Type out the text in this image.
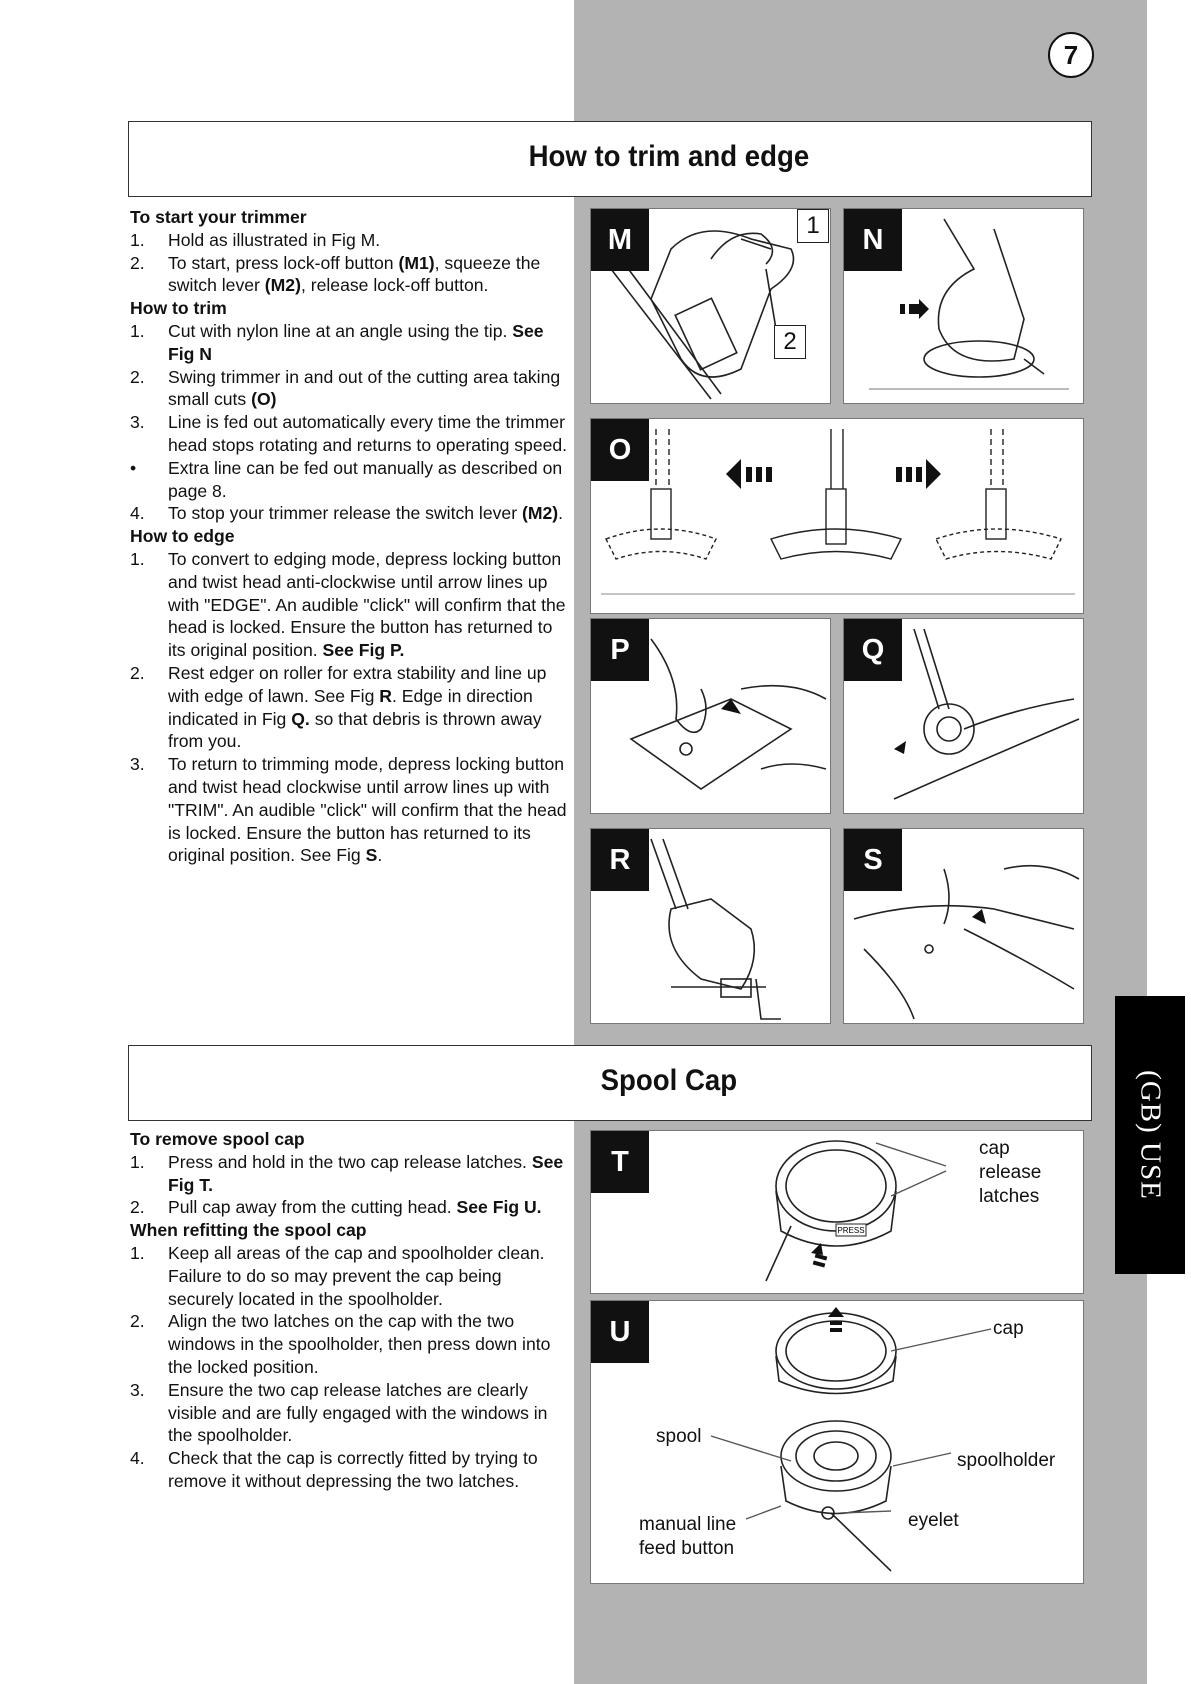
7
How to trim and edge
To start your trimmer
1. Hold as illustrated in Fig M.
2. To start, press lock-off button (M1), squeeze the switch lever (M2), release lock-off button.
How to trim
1. Cut with nylon line at an angle using the tip. See Fig N
2. Swing trimmer in and out of the cutting area taking small cuts (O)
3. Line is fed out automatically every time the trimmer head stops rotating and returns to operating speed.
• Extra line can be fed out manually as described on page 8.
4. To stop your trimmer release the switch lever (M2).
How to edge
1. To convert to edging mode, depress locking button and twist head anti-clockwise until arrow lines up with "EDGE". An audible "click" will confirm that the head is locked. Ensure the button has returned to its original position. See Fig P.
2. Rest edger on roller for extra stability and line up with edge of lawn. See Fig R. Edge in direction indicated in Fig Q. so that debris is thrown away from you.
3. To return to trimming mode, depress locking button and twist head clockwise until arrow lines up with "TRIM". An audible "click" will confirm that the head is locked. Ensure the button has returned to its original position. See Fig S.
M	1
2
N
O
P	Q
R	S
Spool Cap
To remove spool cap
1. Press and hold in the two cap release latches. See Fig T.
2. Pull cap away from the cutting head. See Fig U.
When refitting the spool cap
1. Keep all areas of the cap and spoolholder clean. Failure to do so may prevent the cap being securely located in the spoolholder.
2. Align the two latches on the cap with the two windows in the spoolholder, then press down into the locked position.
3. Ensure the two cap release latches are clearly visible and are fully engaged with the windows in the spoolholder.
4. Check that the cap is correctly fitted by trying to remove it without depressing the two latches.
T
PRESS
cap
release
latches
U	cap
spool
spoolholder
eyelet
manual line
feed button
(GB) USE
